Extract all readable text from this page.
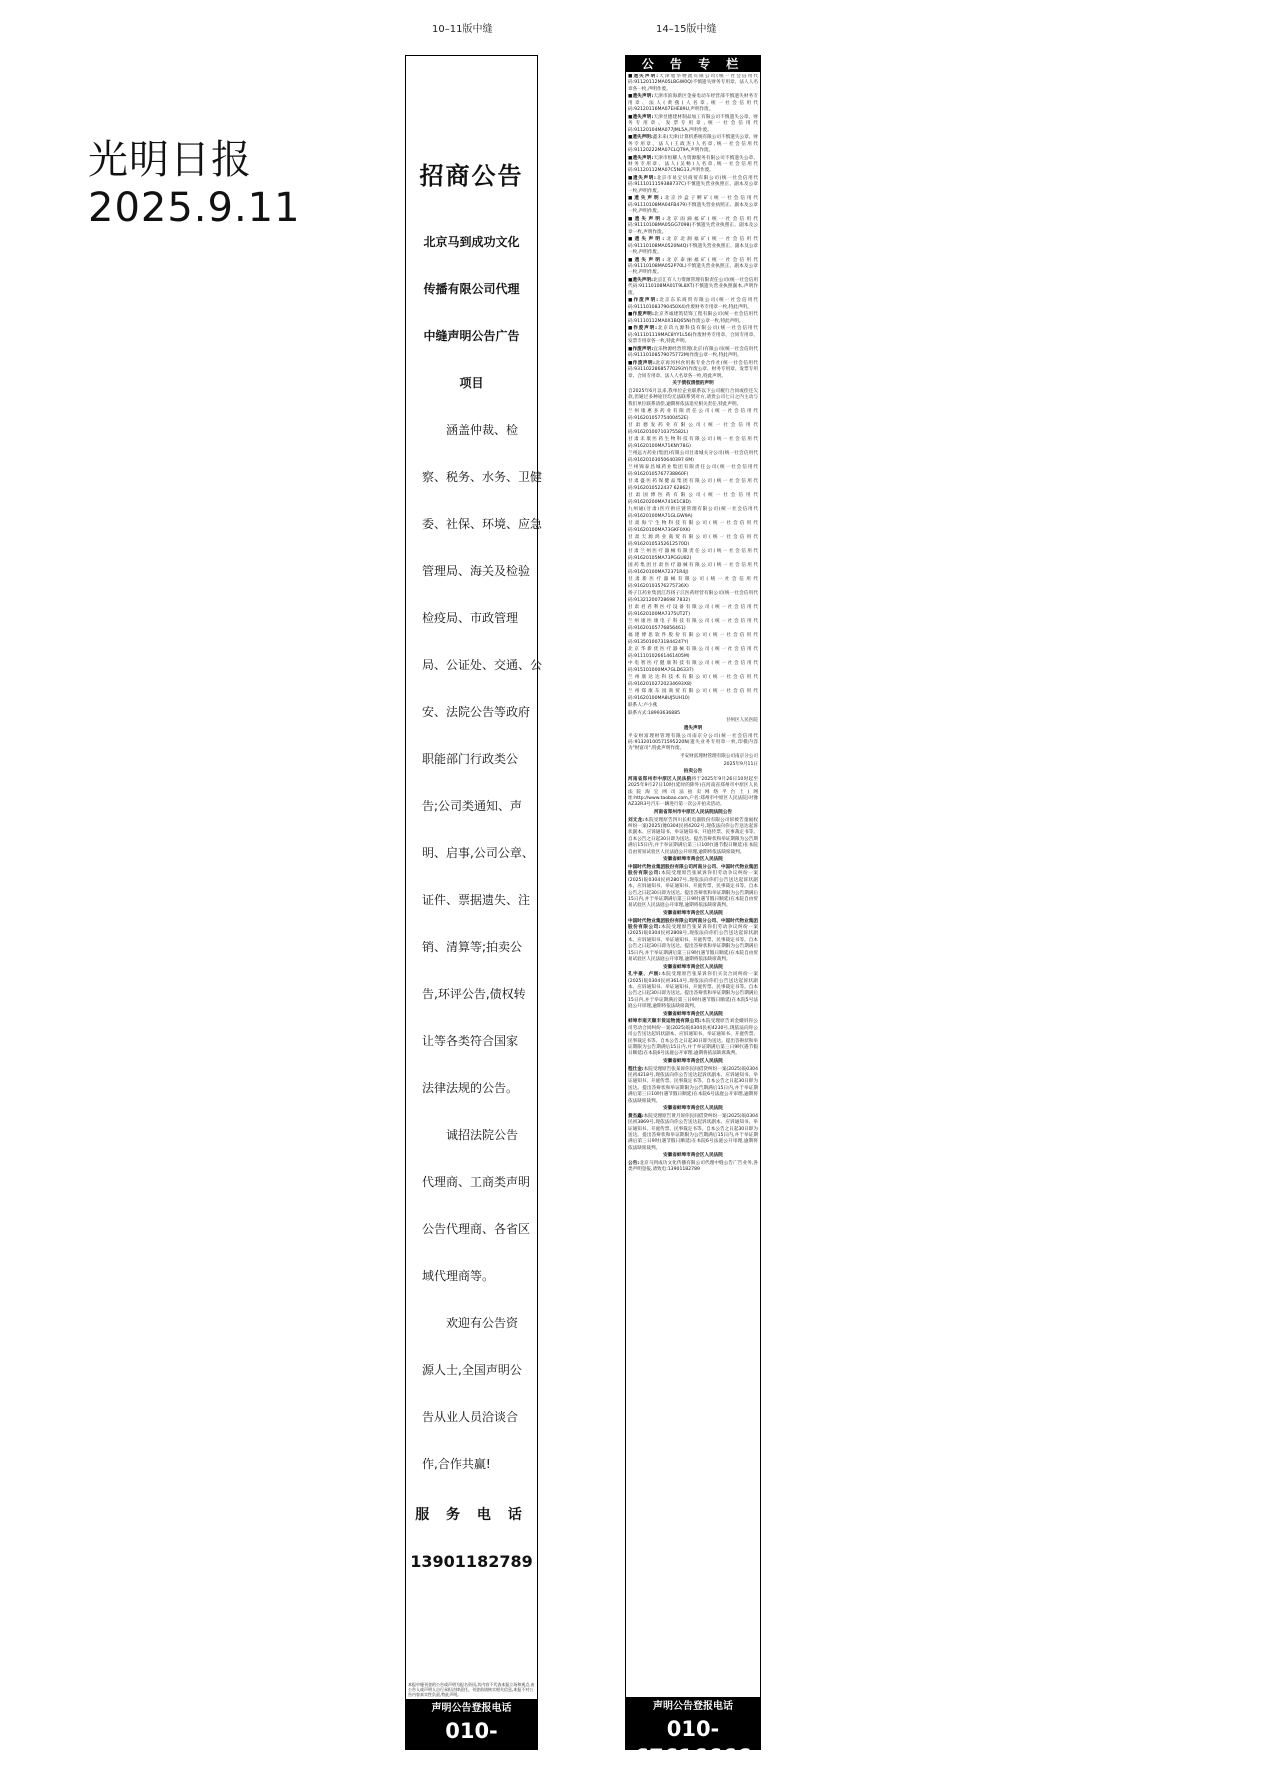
光明日报
2025.9.11
10–11版中缝	14–15版中缝
招商公告
北京马到成功文化
传播有限公司代理
中缝声明公告广告
项目
涵盖仲裁、检
察、税务、水务、卫健
委、社保、环境、应急
管理局、海关及检验
检疫局、市政管理
局、公证处、交通、公
安、法院公告等政府
职能部门行政类公
告;公司类通知、声
明、启事,公司公章、
证件、票据遗失、注
销、清算等;拍卖公
告,环评公告,债权转
让等各类符合国家
法律法规的公告。
诚招法院公告
代理商、工商类声明
公告代理商、各省区
域代理商等。
欢迎有公告资
源人士,全国声明公
告从业人员洽谈合
作,合作共赢!
服 务 电 话
13901182789
本报中缝刊登的公告或声明为报名资讯,其内容不代表本报立场和观点,由公告人或声明人自行承担法律责任。刊登前请核实相关信息,本报不对公告内容真实性负责,特此声明。
声明公告登报电话
010-67616666
公 告 专 栏

■遗失声明:天津旭华物流有限公司(统一社会信用代码:91120112MA05LBGW0Q)不慎遗失财务专用章、法人人名章各一枚,声明作废。

■遗失声明:天津市滨海新区金豪电动车经营部不慎遗失财务专用章、法人(黄燕)人名章,统一社会信用代码:92120116MA07EHE89U,声明作废。

■遗失声明:天津昱德建材制品加工有限公司不慎遗失公章、财务专用章、发票专用章,统一社会信用代码:91120104MA077JML5A,声明作废。

■遗失声明:鑫未来(天津)计算机系统有限公司不慎遗失公章、财务专用章、法人(王政杰)人名章,统一社会信用代码:91120222MA07CLQT9A,声明作废。

■遗失声明:天津市恒耀人力资源服务有限公司不慎遗失公章、财务专用章、法人(吴畅)人名章,统一社会信用代码:91120112MA07C5NG13,声明作废。

■遗失声明:北京市易宝贝商贸有限公司(统一社会信用代码:9111011159388737C)不慎遗失营业执照正、副本及公章一枚,声明作废。

■遗失声明:北京沙盒子孵矿(统一社会信用代码:91110108MA04FB479)不慎遗失营业执照正、副本及公章一枚,声明作废。

■遗失声明:北京雨滴福矿(统一社会信用代码:91110108MA05GG7098)不慎遗失营业执照正、副本及公章一枚,声明作废。

■遗失声明:北京北涧福矿(统一社会信用代码:91110108MA0520N4Q)不慎遗失营业执照正、副本及公章一枚,声明作废。

■遗失声明:北京泰丽福矿(统一社会信用代码:91110108MA052P70L)不慎遗失营业执照正、副本及公章一枚,声明作废。

■遗失声明:北京汇有人力资源管理有限责任公司(统一社会信用代码:91110108MA01T9L8XT)不慎遗失营业执照副本,声明作废。

■作废声明:北京东乐商贸有限公司(统一社会信用代码:911101083790450X4)作废财务专用章一枚,特此声明。

■作废声明:北京齐诚建筑装饰工程有限公司(统一社会信用代码:91110112MA0X1BQ65N)作废公章一枚,特此声明。

■作废声明:北京玖九源科技有限公司(统一社会信用代码:911101119MAC8YY1L56)作废财务专用章、合同专用章、发票专用章各一枚,特此声明。

■作废声明:宜乐物源经营管理(北京)有限公司(统一社会信用代码:91110108579075772M)作废公章一枚,特此声明。

■作废声明:北京再河村食用畜专业合作社(统一社会信用代码:93110228685770293Y)作废公章、财务专用章、发票专用章、合同专用章、法人人名章各一枚,特此声明。

关于债权清偿的声明

自2025年6月以来,我单位企业联系以下公司履行合同或偿还欠款,但通过多种途径均无法联系到对方,请贵公司七日之内主动与我们单位联系清偿,逾期将依法追究相关责任,特此声明。

兰州康惠多药业有限责任公司(统一社会信用代码:91620105775400452E)

甘肃德发药业有限公司(统一社会信用代码:91620100710375582L)

甘肃未康医药生物科技有限公司(统一社会信用代码:91620100MA71KNY78G)

兰州远方药业(集团)有限公司甘肃城关分公司(统一社会信用代码:91620103050640397 6M)

兰州锦泰昌城药业集团有限责任公司(统一社会信用代码:91620105767738860F)

甘肃盛医药保健品集团有限公司(统一社会信用代码:9162010522437 62862)

甘肃国博医药有限公司(统一社会信用代码:91620200MA741K1C8D)

九州通(甘肃)医疗供应链管理有限公司(统一社会信用代码:91620100MA71GLGW9A)

甘肃海宁生物科技有限公司(统一社会信用代码:91620100MA73GKF0XK)

甘肃天源鸿业商贸有限公司(统一社会信用代码:91620105352612570D)

甘肃兰州医疗器械有限责任公司(统一社会信用代码:91620105MA73PGGU82)

国药集团甘肃医疗器械有限公司(统一社会信用代码:91620100MA72371R4J)

甘肃新医疗器械有限公司(统一社会信用代码:91620103576275736X)

扬子江药业集团江苏扬子江医药经营有限公司(统一社会信用代码:91321200728698 7832)

甘肃君君利医疗设备有限公司(统一社会信用代码:91620100MA7375UT2T)

兰州康医康电子科技有限公司(统一社会信用代码:91620105776856461)

福建博思软件股份有限公司(统一社会信用代码:91350100731844247Y)

北京华新优医疗器械有限公司(统一社会信用代码:91110102661461405M)

中电智医疗健康科技有限公司(统一社会信用代码:915101000MA7GLD6337)

兰州康达达科技术有限公司(统一社会信用代码:91620102720234693X8)

兰州郑康东园商贸有限公司(统一社会信用代码:91620100MA8UJ5UH10)

联系人:卢小燕

联系方式:18993636885

甘州区人民医院

遗失声明

平安财富理财管理有限公司南京分公司(统一社会信用代码:91320100571595220N)遗失业务专用章一枚,印模内容为"财富司",特此声明作废。

平安财富理财管理有限公司南京分公司

2025年9月11日

拍卖公告

河南省郑州市中原区人民法院将于2025年9月26日10时起至2025年9月27日10时(延时的除外)在河南省郑州市中原区人民法院淘宝网司法拍卖网络平台上(网址:http://www.taobao.com,户名:郑州市中原区人民法院)对豫AZ32R3号汽车一辆进行第一次公开拍卖活动。

河南省郑州市中原区人民法院法院公告

刘文龙:本院受理原告四川长虹电器股份有限公司诉被告童福权纠纷一案(2025)豫0304民初4202号,现依法向你公告送达起诉状副本、应诉通知书、举证通知书、开庭传票、民事裁定书等。自本公告之日起30日即为送达。提出答辩状和举证期限为公告期满后15日内,并于举证期满后第三日10时(遇节假日顺延)在本院自由贸易试验区人民法庭公开审理,逾期将依法缺席裁判。

安徽省蚌埠市禹会区人民法院

中国时代物业集团股份有限公司河南分公司、中国时代物业集团股份有限公司:本院受理原告张斌诉你们劳动争议纠纷一案(2025)皖0304民初2807号,现依法向你们公告送达起诉状副本、应诉通知书、举证通知书、开庭传票、民事裁定书等。自本公告之日起30日即为送达。提出答辩状和举证期限为公告期满后15日内,并于举证期满后第三日9时(遇节假日顺延)在本院自由贸易试验区人民法庭公开审理,逾期将依法缺席裁判。

安徽省蚌埠市禹会区人民法院

中国时代物业集团股份有限公司河南分公司、中国时代物业集团股份有限公司:本院受理原告张某诉你们劳动争议纠纷一案(2025)皖0304民初2808号,现依法向你们公告送达起诉状副本、应诉通知书、举证通知书、开庭传票、民事裁定书等。自本公告之日起30日即为送达。提出答辩状和举证期限为公告期满后15日内,并于举证期满后第三日9时(遇节假日顺延)在本院自由贸易试验区人民法庭公开审理,逾期将依法缺席裁判。

安徽省蚌埠市禹会区人民法院

孔宇豪、卢刚:本院受理原告张某诉你们买卖合同纠纷一案(2025)皖0304民初3614号,现依法向你们公告送达起诉状副本、应诉通知书、举证通知书、开庭传票、民事裁定书等。自本公告之日起30日即为送达。提出答辩状和举证期限为公告期满后15日内,并于举证期满后第三日9时(遇节假日顺延)在本院5号法庭公开审理,逾期将依法缺席裁判。

安徽省蚌埠市禹会区人民法院

蚌埠市南天顺丰货运物流有限公司:本院受理原告刘金娥诉你公司劳动合同纠纷一案(2025)皖0304民初4230号,现依法向你公司公告送达起诉状副本、应诉通知书、举证通知书、开庭传票、民事裁定书等。自本公告之日起30日即为送达。提出答辩状和举证期限为公告期满后15日内,并于举证期满后第三日9时(遇节假日顺延)在本院6号法庭公开审理,逾期将依法缺席裁判。

安徽省蚌埠市禹会区人民法院

程仕金:本院受理原告张某诉你民间借贷纠纷一案(2025)皖0304民初4218号,现依法向你公告送达起诉状副本、应诉通知书、举证通知书、开庭传票、民事裁定书等。自本公告之日起30日即为送达。提出答辩状和举证期限为公告期满后15日内,并于举证期满后第三日10时(遇节假日顺延)在本院6号法庭公开审理,逾期将依法缺席裁判。

安徽省蚌埠市禹会区人民法院

黄杰鑫:本院受理原告黄月诉你民间借贷纠纷一案(2025)皖0304民初3869号,现依法向你公告送达起诉状副本、应诉通知书、举证通知书、开庭传票、民事裁定书等。自本公告之日起30日即为送达。提出答辩状和举证期限为公告期满后15日内,并于举证期满后第三日9时(遇节假日顺延)在本院6号法庭公开审理,逾期将依法缺席裁判。

安徽省蚌埠市禹会区人民法院

公告:北京马到成功文化传播有限公司代理中缝公告广告业务,各类声明登报,请致电:13901182789

声明公告登报电话
010-67616666
